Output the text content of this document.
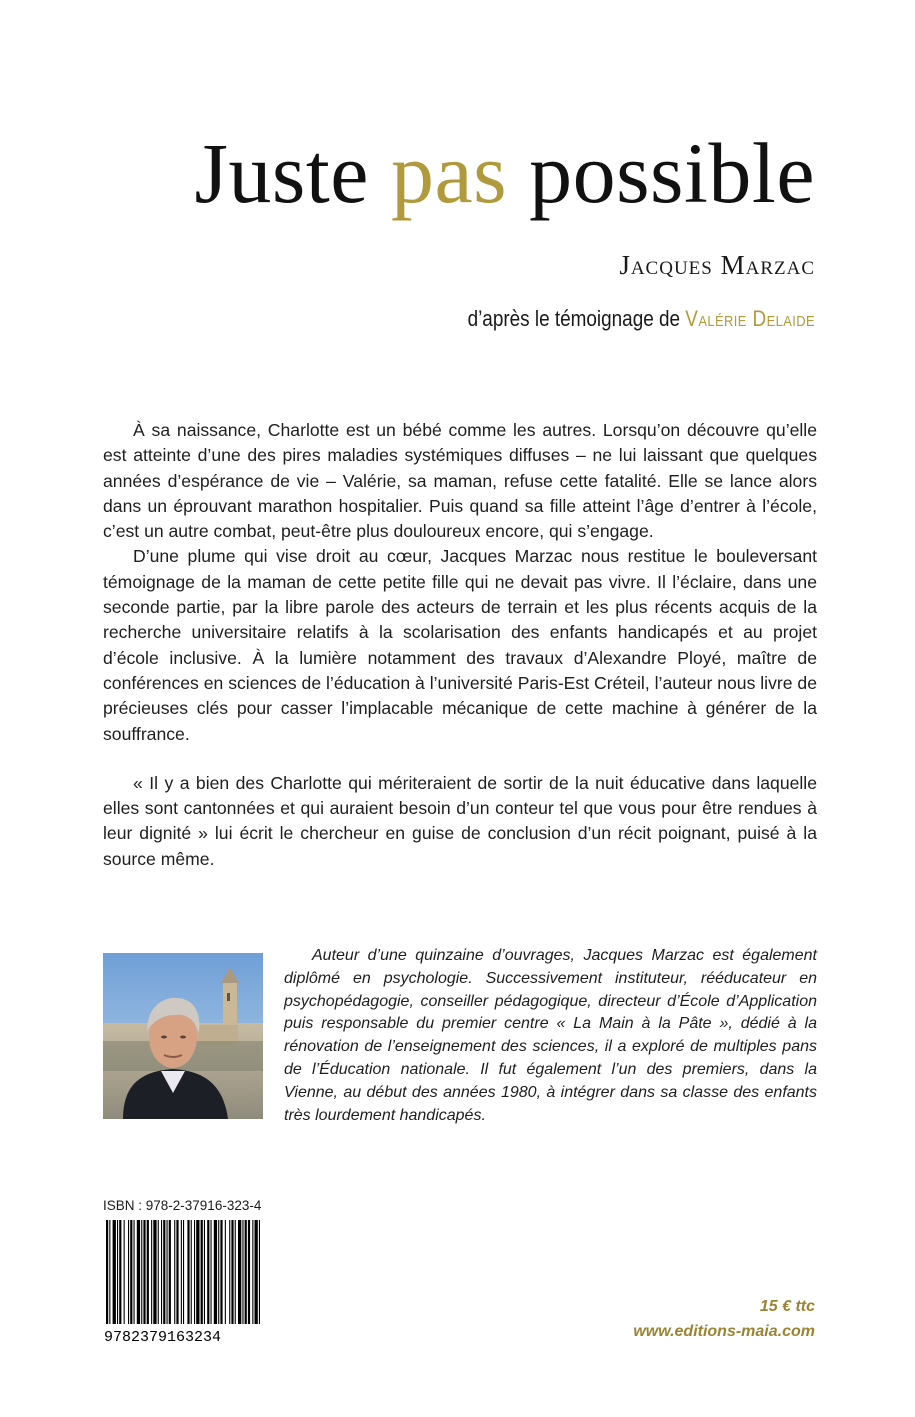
Juste pas possible
Jacques Marzac
d’après le témoignage de Valérie Delaide

À sa naissance, Charlotte est un bébé comme les autres. Lorsqu’on découvre qu’elle est atteinte d’une des pires maladies systémiques diffuses – ne lui laissant que quelques années d’espérance de vie – Valérie, sa maman, refuse cette fatalité. Elle se lance alors dans un éprouvant marathon hospitalier. Puis quand sa fille atteint l’âge d’entrer à l’école, c’est un autre combat, peut-être plus douloureux encore, qui s’engage.

D’une plume qui vise droit au cœur, Jacques Marzac nous restitue le bouleversant témoignage de la maman de cette petite fille qui ne devait pas vivre. Il l’éclaire, dans une seconde partie, par la libre parole des acteurs de terrain et les plus récents acquis de la recherche universitaire relatifs à la scolarisation des enfants handicapés et au projet d’école inclusive. À la lumière notamment des travaux d’Alexandre Ployé, maître de conférences en sciences de l’éducation à l’université Paris-Est Créteil, l’auteur nous livre de précieuses clés pour casser l’implacable mécanique de cette machine à générer de la souffrance.

« Il y a bien des Charlotte qui mériteraient de sortir de la nuit éducative dans laquelle elles sont cantonnées et qui auraient besoin d’un conteur tel que vous pour être rendues à leur dignité » lui écrit le chercheur en guise de conclusion d’un récit poignant, puisé à la source même.

Auteur d’une quinzaine d’ouvrages, Jacques Marzac est également diplômé en psychologie. Successivement instituteur, rééducateur en psychopédagogie, conseiller pédagogique, directeur d’École d’Application puis responsable du premier centre « La Main à la Pâte », dédié à la rénovation de l’enseignement des sciences, il a exploré de multiples pans de l’Éducation nationale. Il fut également l’un des premiers, dans la Vienne, au début des années 1980, à intégrer dans sa classe des enfants très lourdement handicapés.

ISBN : 978-2-37916-323-4
9782379163234
15 € ttc
www.editions-maia.com
